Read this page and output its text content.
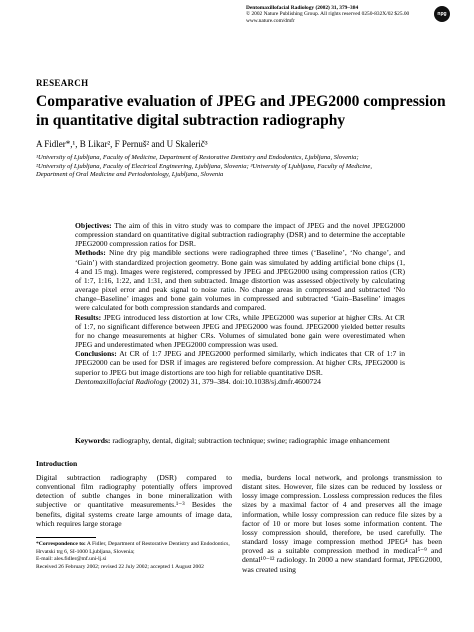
Dentomaxillofacial Radiology (2002) 31, 379–384
© 2002 Nature Publishing Group. All rights reserved 0250-832X/02 $25.00
www.nature.com/dmfr
npg
RESEARCH
Comparative evaluation of JPEG and JPEG2000 compression in quantitative digital subtraction radiography
A Fidler*,¹, B Likar², F Pernuš² and U Skalerič³
¹University of Ljubljana, Faculty of Medicine, Department of Restorative Dentistry and Endodontics, Ljubljana, Slovenia;
²University of Ljubljana, Faculty of Electrical Engineering, Ljubljana, Slovenia; ³University of Ljubljana, Faculty of Medicine,
Department of Oral Medicine and Periodontology, Ljubljana, Slovenia

Objectives: The aim of this in vitro study was to compare the impact of JPEG and the novel JPEG2000 compression standard on quantitative digital subtraction radiography (DSR) and to determine the acceptable JPEG2000 compression ratios for DSR.

Methods: Nine dry pig mandible sections were radiographed three times (‘Baseline’, ‘No change’, and ‘Gain’) with standardized projection geometry. Bone gain was simulated by adding artificial bone chips (1, 4 and 15 mg). Images were registered, compressed by JPEG and JPEG2000 using compression ratios (CR) of 1:7, 1:16, 1:22, and 1:31, and then subtracted. Image distortion was assessed objectively by calculating average pixel error and peak signal to noise ratio. No change areas in compressed and subtracted ‘No change–Baseline’ images and bone gain volumes in compressed and subtracted ‘Gain–Baseline’ images were calculated for both compression standards and compared.

Results: JPEG introduced less distortion at low CRs, while JPEG2000 was superior at higher CRs. At CR of 1:7, no significant difference between JPEG and JPEG2000 was found. JPEG2000 yielded better results for no change measurements at higher CRs. Volumes of simulated bone gain were overestimated when JPEG and underestimated when JPEG2000 compression was used.

Conclusions: At CR of 1:7 JPEG and JPEG2000 performed similarly, which indicates that CR of 1:7 in JPEG2000 can be used for DSR if images are registered before compression. At higher CRs, JPEG2000 is superior to JPEG but image distortions are too high for reliable quantitative DSR.

Dentomaxillofacial Radiology (2002) 31, 379–384. doi:10.1038/sj.dmfr.4600724

Keywords: radiography, dental, digital; subtraction technique; swine; radiographic image enhancement
Introduction

Digital subtraction radiography (DSR) compared to conventional film radiography potentially offers improved detection of subtle changes in bone mineralization with subjective or quantitative measurements.¹⁻³ Besides the benefits, digital systems create large amounts of image data, which requires large storage

media, burdens local network, and prolongs transmission to distant sites. However, file sizes can be reduced by lossless or lossy image compression. Lossless compression reduces the files sizes by a maximal factor of 4 and preserves all the image information, while lossy compression can reduce file sizes by a factor of 10 or more but loses some information content. The lossy compression should, therefore, be used carefully. The standard lossy image compression method JPEG⁴ has been proved as a suitable compression method in medical⁵⁻⁹ and dental¹⁰⁻¹² radiology. In 2000 a new standard format, JPEG2000, was created using

*Correspondence to: A Fidler, Department of Restorative Dentistry and Endodontics, Hrvatski trg 6, SI-1000 Ljubljana, Slovenia;
E-mail: ales.fidler@mf.uni-lj.si
Received 26 February 2002; revised 22 July 2002; accepted 1 August 2002
